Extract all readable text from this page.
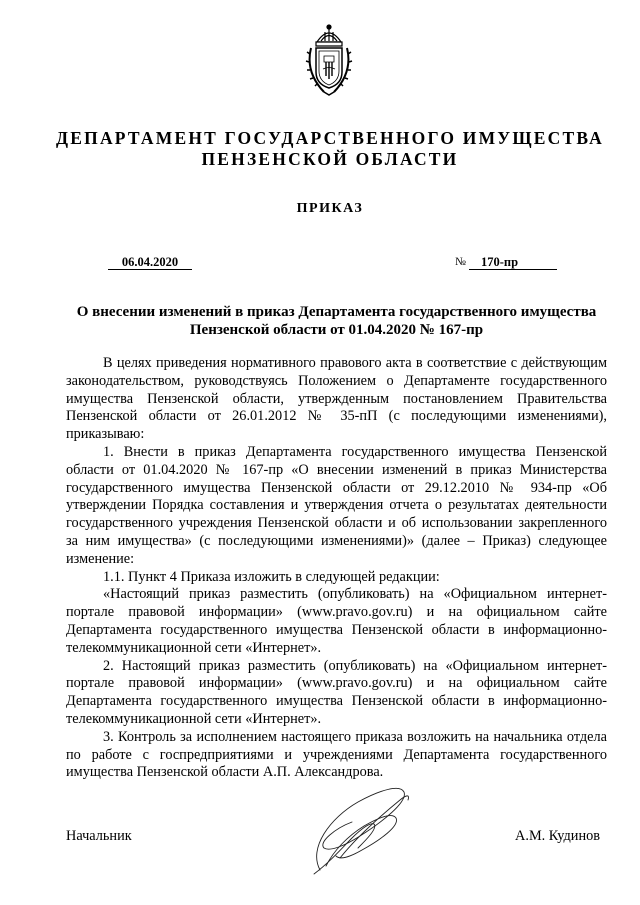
ДЕПАРТАМЕНТ ГОСУДАРСТВЕННОГО ИМУЩЕСТВА
ПЕНЗЕНСКОЙ ОБЛАСТИ
ПРИКАЗ
06.04.2020	№	170-пр
О внесении изменений в приказ Департамента государственного имущества
Пензенской области от 01.04.2020 № 167-пр

В целях приведения нормативного правового акта в соответствие с действующим законодательством, руководствуясь Положением о Департаменте государственного имущества Пензенской области, утвержденным постановлением Правительства Пензенской области от 26.01.2012 № 35-пП (с последующими изменениями), приказываю:

1. Внести в приказ Департамента государственного имущества Пензенской области от 01.04.2020 № 167-пр «О внесении изменений в приказ Министерства государственного имущества Пензенской области от 29.12.2010 № 934-пр «Об утверждении Порядка составления и утверждения отчета о результатах деятельности государственного учреждения Пензенской области и об использовании закрепленного за ним имущества» (с последующими изменениями)» (далее – Приказ) следующее изменение:

1.1. Пункт 4 Приказа изложить в следующей редакции:

«Настоящий приказ разместить (опубликовать) на «Официальном интернет-портале правовой информации» (www.pravo.gov.ru) и на официальном сайте Департамента государственного имущества Пензенской области в информационно-телекоммуникационной сети «Интернет».

2. Настоящий приказ разместить (опубликовать) на «Официальном интернет-портале правовой информации» (www.pravo.gov.ru) и на официальном сайте Департамента государственного имущества Пензенской области в информационно-телекоммуникационной сети «Интернет».

3. Контроль за исполнением настоящего приказа возложить на начальника отдела по работе с госпредприятиями и учреждениями Департамента государственного имущества Пензенской области А.П. Александрова.

Начальник	А.М. Кудинов
